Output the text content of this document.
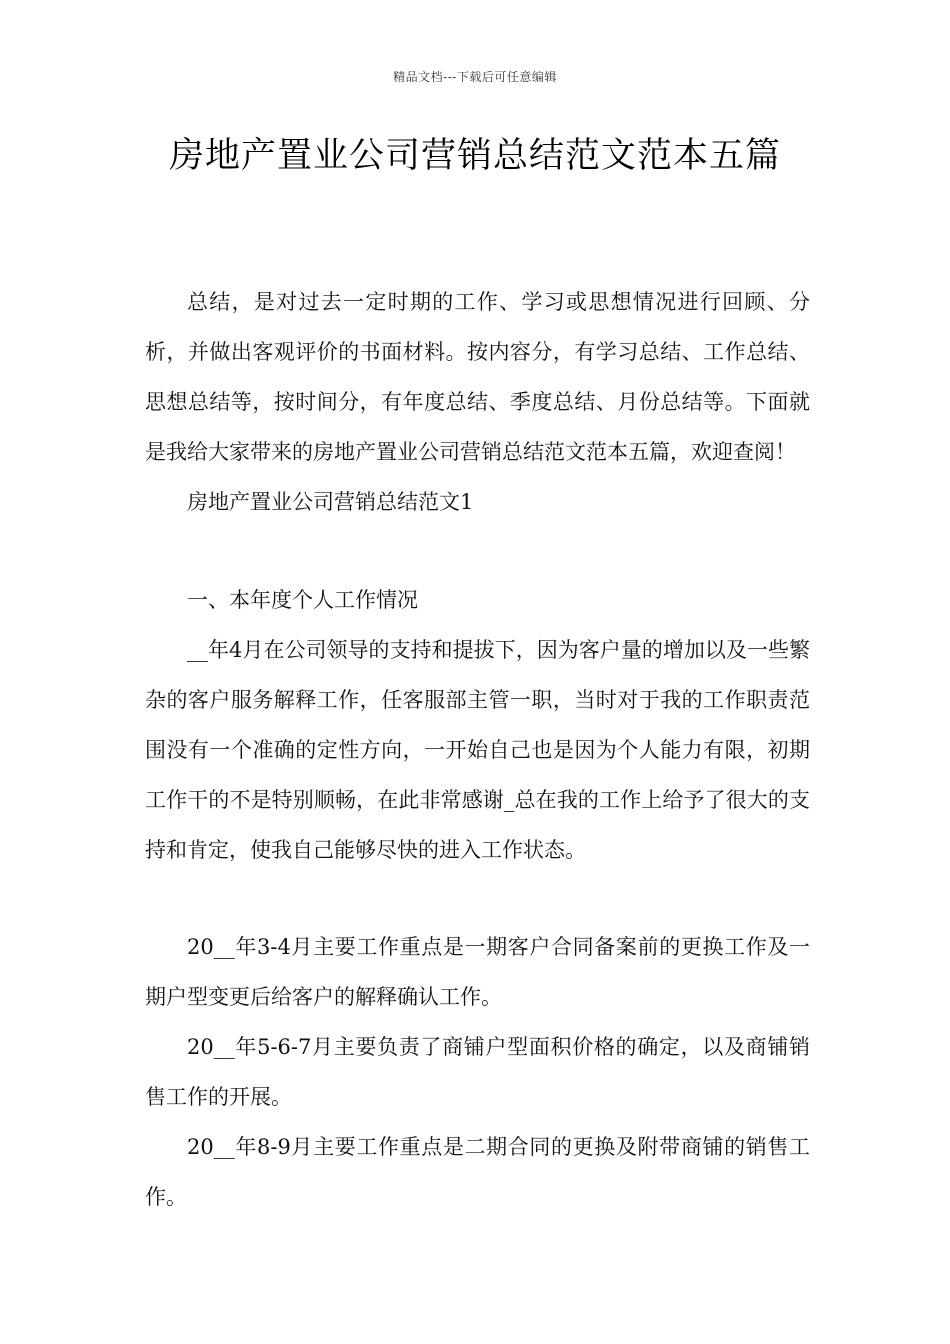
精品文档---下载后可任意编辑
房地产置业公司营销总结范文范本五篇

总结，是对过去一定时期的工作、学习或思想情况进行回顾、分析，并做出客观评价的书面材料。按内容分，有学习总结、工作总结、思想总结等，按时间分，有年度总结、季度总结、月份总结等。下面就是我给大家带来的房地产置业公司营销总结范文范本五篇，欢迎查阅！

房地产置业公司营销总结范文1

一、本年度个人工作情况

__年4月在公司领导的支持和提拔下，因为客户量的增加以及一些繁杂的客户服务解释工作，任客服部主管一职，当时对于我的工作职责范围没有一个准确的定性方向，一开始自己也是因为个人能力有限，初期工作干的不是特别顺畅，在此非常感谢_总在我的工作上给予了很大的支持和肯定，使我自己能够尽快的进入工作状态。

20__年3-4月主要工作重点是一期客户合同备案前的更换工作及一期户型变更后给客户的解释确认工作。

20__年5-6-7月主要负责了商铺户型面积价格的确定，以及商铺销售工作的开展。

20__年8-9月主要工作重点是二期合同的更换及附带商铺的销售工作。
